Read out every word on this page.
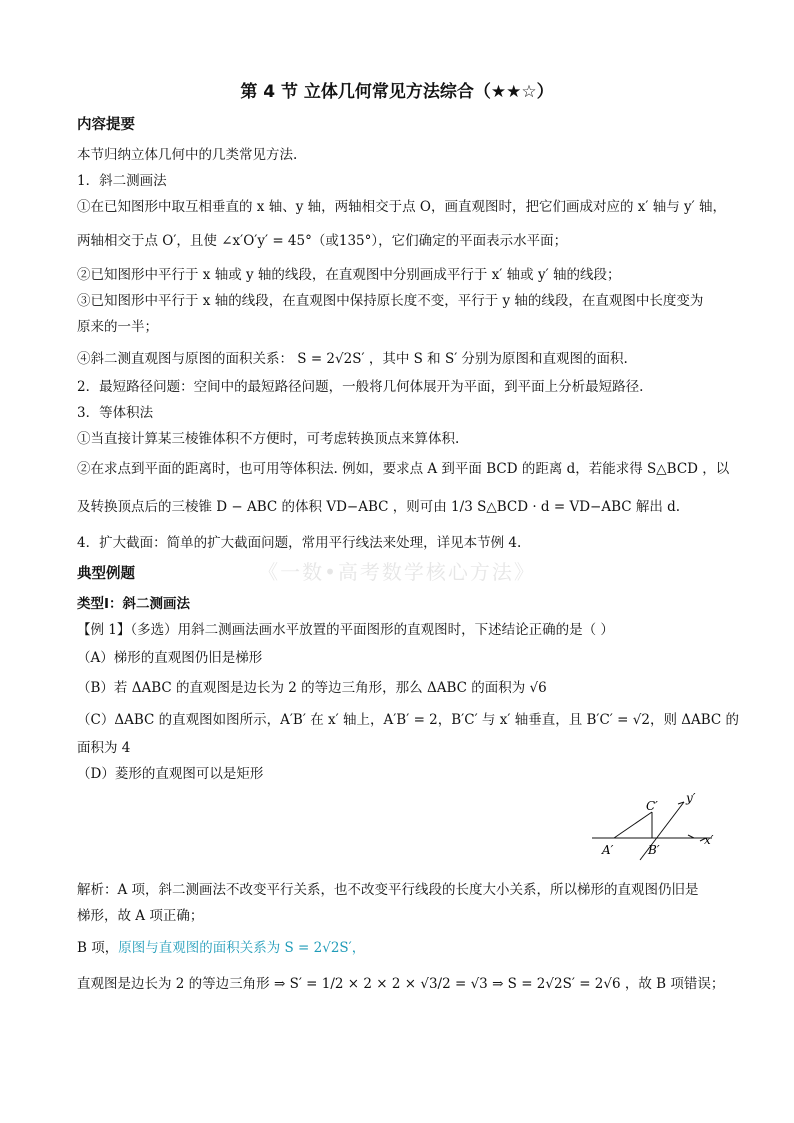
第 4 节 立体几何常见方法综合（★★☆）
内容提要
本节归纳立体几何中的几类常见方法.
1．斜二测画法
①在已知图形中取互相垂直的 x 轴、y 轴，两轴相交于点 O，画直观图时，把它们画成对应的 x′ 轴与 y′ 轴，
两轴相交于点 O′，且使 ∠x′O′y′ = 45°（或135°），它们确定的平面表示水平面；
②已知图形中平行于 x 轴或 y 轴的线段，在直观图中分别画成平行于 x′ 轴或 y′ 轴的线段；
③已知图形中平行于 x 轴的线段，在直观图中保持原长度不变，平行于 y 轴的线段，在直观图中长度变为
原来的一半；
④斜二测直观图与原图的面积关系： S = 2√2S′ ，其中 S 和 S′ 分别为原图和直观图的面积.
2．最短路径问题：空间中的最短路径问题，一般将几何体展开为平面，到平面上分析最短路径.
3．等体积法
①当直接计算某三棱锥体积不方便时，可考虑转换顶点来算体积.
②在求点到平面的距离时，也可用等体积法. 例如，要求点 A 到平面 BCD 的距离 d，若能求得 S△BCD ，以
及转换顶点后的三棱锥 D − ABC 的体积 VD−ABC ，则可由 1/3 S△BCD · d = VD−ABC 解出 d.
4．扩大截面：简单的扩大截面问题，常用平行线法来处理，详见本节例 4.
《一数•高考数学核心方法》
典型例题
类型Ⅰ：斜二测画法
【例 1】（多选）用斜二测画法画水平放置的平面图形的直观图时，下述结论正确的是（ ）
（A）梯形的直观图仍旧是梯形
（B）若 ΔABC 的直观图是边长为 2 的等边三角形，那么 ΔABC 的面积为 √6
（C）ΔABC 的直观图如图所示，A′B′ 在 x′ 轴上，A′B′ = 2，B′C′ 与 x′ 轴垂直，且 B′C′ = √2，则 ΔABC 的
面积为 4
（D）菱形的直观图可以是矩形
C′
y′
x′
A′	B′
解析：A 项，斜二测画法不改变平行关系，也不改变平行线段的长度大小关系，所以梯形的直观图仍旧是
梯形，故 A 项正确；
B 项，原图与直观图的面积关系为 S = 2√2S′，
直观图是边长为 2 的等边三角形 ⇒ S′ = 1/2 × 2 × 2 × √3/2 = √3 ⇒ S = 2√2S′ = 2√6 ，故 B 项错误；
